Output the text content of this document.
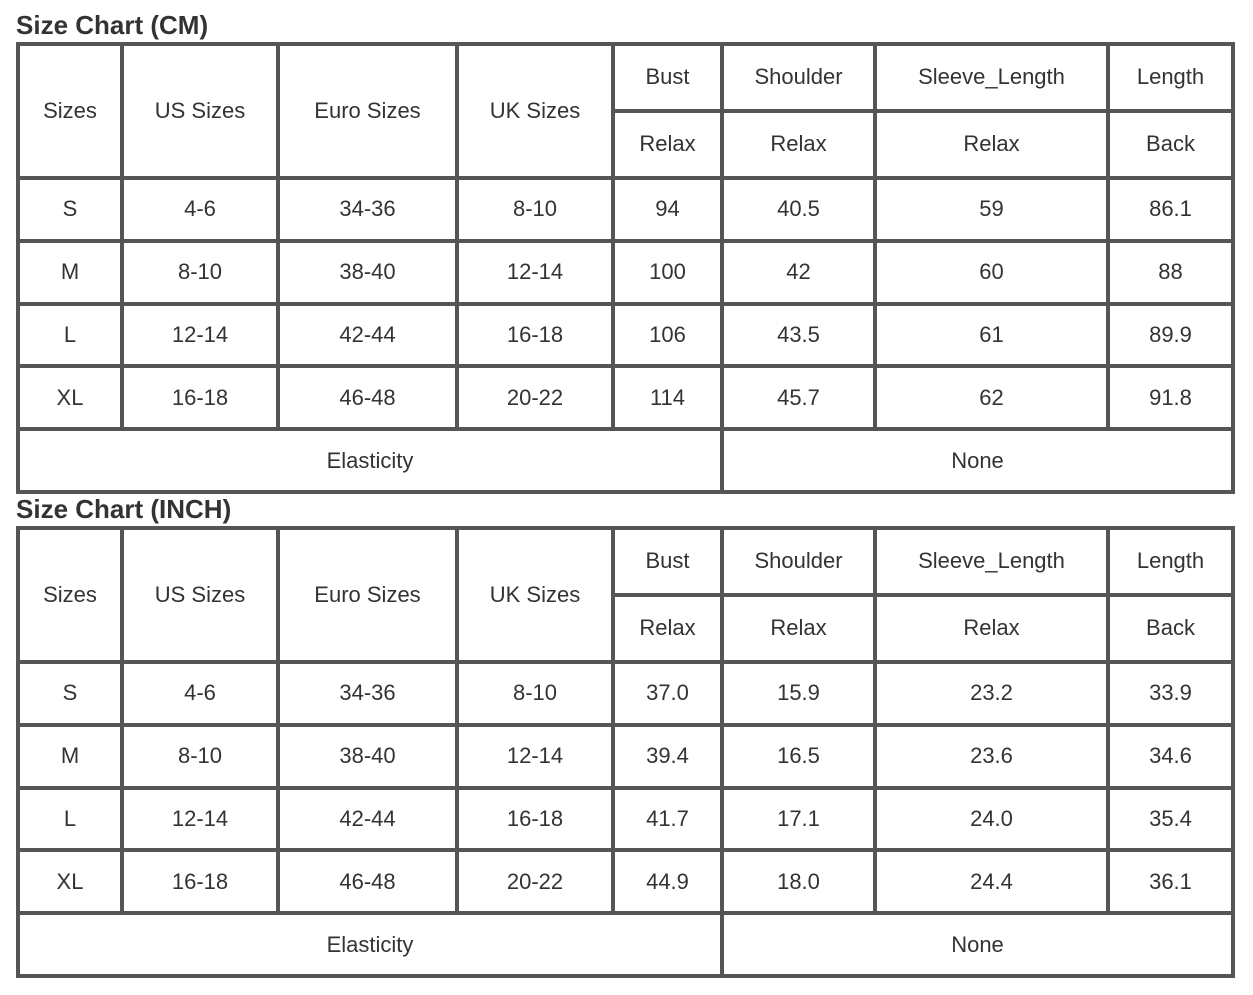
Size Chart (CM)
Sizes	US Sizes	Euro Sizes	UK Sizes	Bust	Shoulder	Sleeve_Length	Length
				Relax	Relax	Relax	Back
S	4-6	34-36	8-10	94	40.5	59	86.1
M	8-10	38-40	12-14	100	42	60	88
L	12-14	42-44	16-18	106	43.5	61	89.9
XL	16-18	46-48	20-22	114	45.7	62	91.8
Elasticity					None		
Size Chart (INCH)
Sizes	US Sizes	Euro Sizes	UK Sizes	Bust	Shoulder	Sleeve_Length	Length
				Relax	Relax	Relax	Back
S	4-6	34-36	8-10	37.0	15.9	23.2	33.9
M	8-10	38-40	12-14	39.4	16.5	23.6	34.6
L	12-14	42-44	16-18	41.7	17.1	24.0	35.4
XL	16-18	46-48	20-22	44.9	18.0	24.4	36.1
Elasticity					None		
